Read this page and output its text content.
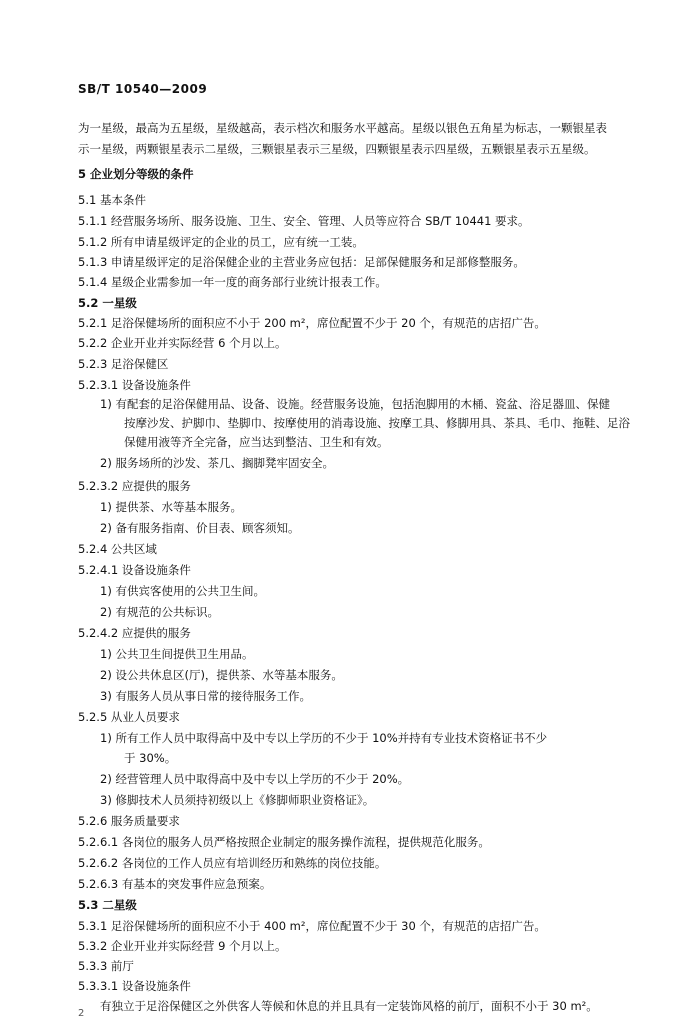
SB/T 10540—2009
为一星级，最高为五星级，星级越高，表示档次和服务水平越高。星级以银色五角星为标志，一颗银星表
示一星级，两颗银星表示二星级，三颗银星表示三星级，四颗银星表示四星级，五颗银星表示五星级。
5 企业划分等级的条件
5.1 基本条件
5.1.1 经营服务场所、服务设施、卫生、安全、管理、人员等应符合 SB/T 10441 要求。
5.1.2 所有申请星级评定的企业的员工，应有统一工装。
5.1.3 申请星级评定的足浴保健企业的主营业务应包括：足部保健服务和足部修整服务。
5.1.4 星级企业需参加一年一度的商务部行业统计报表工作。
5.2 一星级
5.2.1 足浴保健场所的面积应不小于 200 m²，席位配置不少于 20 个，有规范的店招广告。
5.2.2 企业开业并实际经营 6 个月以上。
5.2.3 足浴保健区
5.2.3.1 设备设施条件
1) 有配套的足浴保健用品、设备、设施。经营服务设施，包括泡脚用的木桶、瓷盆、浴足器皿、保健
按摩沙发、护脚巾、垫脚巾、按摩使用的消毒设施、按摩工具、修脚用具、茶具、毛巾、拖鞋、足浴
保健用液等齐全完备，应当达到整洁、卫生和有效。
2) 服务场所的沙发、茶几、搁脚凳牢固安全。
5.2.3.2 应提供的服务
1) 提供茶、水等基本服务。
2) 备有服务指南、价目表、顾客须知。
5.2.4 公共区域
5.2.4.1 设备设施条件
1) 有供宾客使用的公共卫生间。
2) 有规范的公共标识。
5.2.4.2 应提供的服务
1) 公共卫生间提供卫生用品。
2) 设公共休息区(厅)，提供茶、水等基本服务。
3) 有服务人员从事日常的接待服务工作。
5.2.5 从业人员要求
1) 所有工作人员中取得高中及中专以上学历的不少于 10%并持有专业技术资格证书不少
于 30%。
2) 经营管理人员中取得高中及中专以上学历的不少于 20%。
3) 修脚技术人员须持初级以上《修脚师职业资格证》。
5.2.6 服务质量要求
5.2.6.1 各岗位的服务人员严格按照企业制定的服务操作流程，提供规范化服务。
5.2.6.2 各岗位的工作人员应有培训经历和熟练的岗位技能。
5.2.6.3 有基本的突发事件应急预案。
5.3 二星级
5.3.1 足浴保健场所的面积应不小于 400 m²，席位配置不少于 30 个，有规范的店招广告。
5.3.2 企业开业并实际经营 9 个月以上。
5.3.3 前厅
5.3.3.1 设备设施条件
有独立于足浴保健区之外供客人等候和休息的并且具有一定装饰风格的前厅，面积不小于 30 m²。
2
